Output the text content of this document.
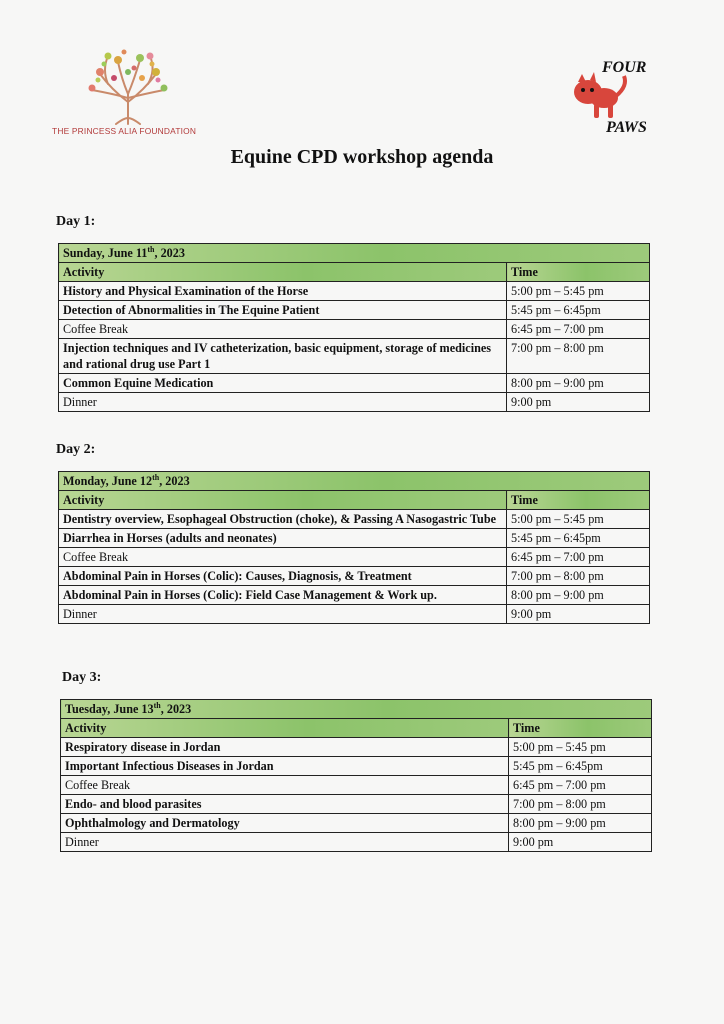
THE PRINCESS ALIA FOUNDATION
FOUR
PAWS
Equine CPD workshop agenda
Day 1:
Sunday, June 11th, 2023	
Activity	Time
History and Physical Examination of the Horse	5:00 pm – 5:45 pm
Detection of Abnormalities in The Equine Patient	5:45 pm – 6:45pm
Coffee Break	6:45 pm – 7:00 pm
Injection techniques and IV catheterization, basic equipment, storage of medicines and rational drug use Part 1	7:00 pm – 8:00 pm
Common Equine Medication	8:00 pm – 9:00 pm
Dinner	9:00 pm
Day 2:
Monday, June 12th, 2023	
Activity	Time
Dentistry overview, Esophageal Obstruction (choke), & Passing A Nasogastric Tube	5:00 pm – 5:45 pm
Diarrhea in Horses (adults and neonates)	5:45 pm – 6:45pm
Coffee Break	6:45 pm – 7:00 pm
Abdominal Pain in Horses (Colic): Causes, Diagnosis, & Treatment	7:00 pm – 8:00 pm
Abdominal Pain in Horses (Colic): Field Case Management & Work up.	8:00 pm – 9:00 pm
Dinner	9:00 pm
Day 3:
Tuesday, June 13th, 2023	
Activity	Time
Respiratory disease in Jordan	5:00 pm – 5:45 pm
Important Infectious Diseases in Jordan	5:45 pm – 6:45pm
Coffee Break	6:45 pm – 7:00 pm
Endo- and blood parasites	7:00 pm – 8:00 pm
Ophthalmology and Dermatology	8:00 pm – 9:00 pm
Dinner	9:00 pm
